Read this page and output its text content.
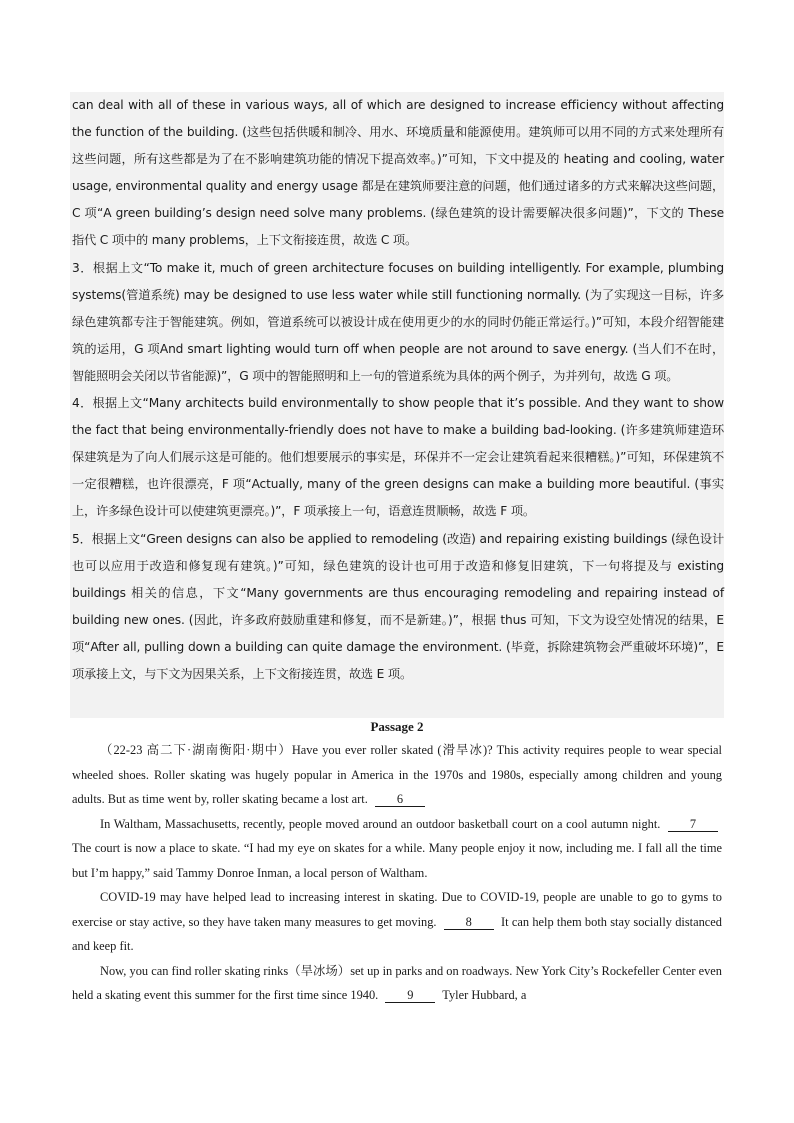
can deal with all of these in various ways, all of which are designed to increase efficiency without affecting the function of the building. (这些包括供暖和制冷、用水、环境质量和能源使用。建筑师可以用不同的方式来处理所有这些问题，所有这些都是为了在不影响建筑功能的情况下提高效率。)”可知，下文中提及的 heating and cooling, water usage, environmental quality and energy usage 都是在建筑师要注意的问题，他们通过诸多的方式来解决这些问题，C 项“A green building’s design need solve many problems. (绿色建筑的设计需要解决很多问题)”，下文的 These 指代 C 项中的 many problems，上下文衔接连贯，故选 C 项。

3．根据上文“To make it, much of green architecture focuses on building intelligently. For example, plumbing systems(管道系统) may be designed to use less water while still functioning normally. (为了实现这一目标，许多绿色建筑都专注于智能建筑。例如，管道系统可以被设计成在使用更少的水的同时仍能正常运行。)”可知，本段介绍智能建筑的运用，G 项And smart lighting would turn off when people are not around to save energy. (当人们不在时，智能照明会关闭以节省能源)”，G 项中的智能照明和上一句的管道系统为具体的两个例子，为并列句，故选 G 项。

4．根据上文“Many architects build environmentally to show people that it’s possible. And they want to show the fact that being environmentally-friendly does not have to make a building bad-looking. (许多建筑师建造环保建筑是为了向人们展示这是可能的。他们想要展示的事实是，环保并不一定会让建筑看起来很糟糕。)”可知，环保建筑不一定很糟糕，也许很漂亮，F 项“Actually, many of the green designs can make a building more beautiful. (事实上，许多绿色设计可以使建筑更漂亮。)”，F 项承接上一句，语意连贯顺畅，故选 F 项。

5．根据上文“Green designs can also be applied to remodeling (改造) and repairing existing buildings (绿色设计也可以应用于改造和修复现有建筑。)”可知，绿色建筑的设计也可用于改造和修复旧建筑，下一句将提及与 existing buildings 相关的信息，下文“Many governments are thus encouraging remodeling and repairing instead of building new ones. (因此，许多政府鼓励重建和修复，而不是新建。)”，根据 thus 可知，下文为设空处情况的结果，E 项“After all, pulling down a building can quite damage the environment. (毕竟，拆除建筑物会严重破坏环境)”，E 项承接上文，与下文为因果关系，上下文衔接连贯，故选 E 项。

Passage 2

（22-23 高二下·湖南衡阳·期中）Have you ever roller skated (滑旱冰)? This activity requires people to wear special wheeled shoes. Roller skating was hugely popular in America in the 1970s and 1980s, especially among children and young adults. But as time went by, roller skating became a lost art. 6

In Waltham, Massachusetts, recently, people moved around an outdoor basketball court on a cool autumn night. 7 The court is now a place to skate. “I had my eye on skates for a while. Many people enjoy it now, including me. I fall all the time but I’m happy,” said Tammy Donroe Inman, a local person of Waltham.

COVID-19 may have helped lead to increasing interest in skating. Due to COVID-19, people are unable to go to gyms to exercise or stay active, so they have taken many measures to get moving. 8 It can help them both stay socially distanced and keep fit.

Now, you can find roller skating rinks（旱冰场）set up in parks and on roadways. New York City’s Rockefeller Center even held a skating event this summer for the first time since 1940. 9 Tyler Hubbard, a
